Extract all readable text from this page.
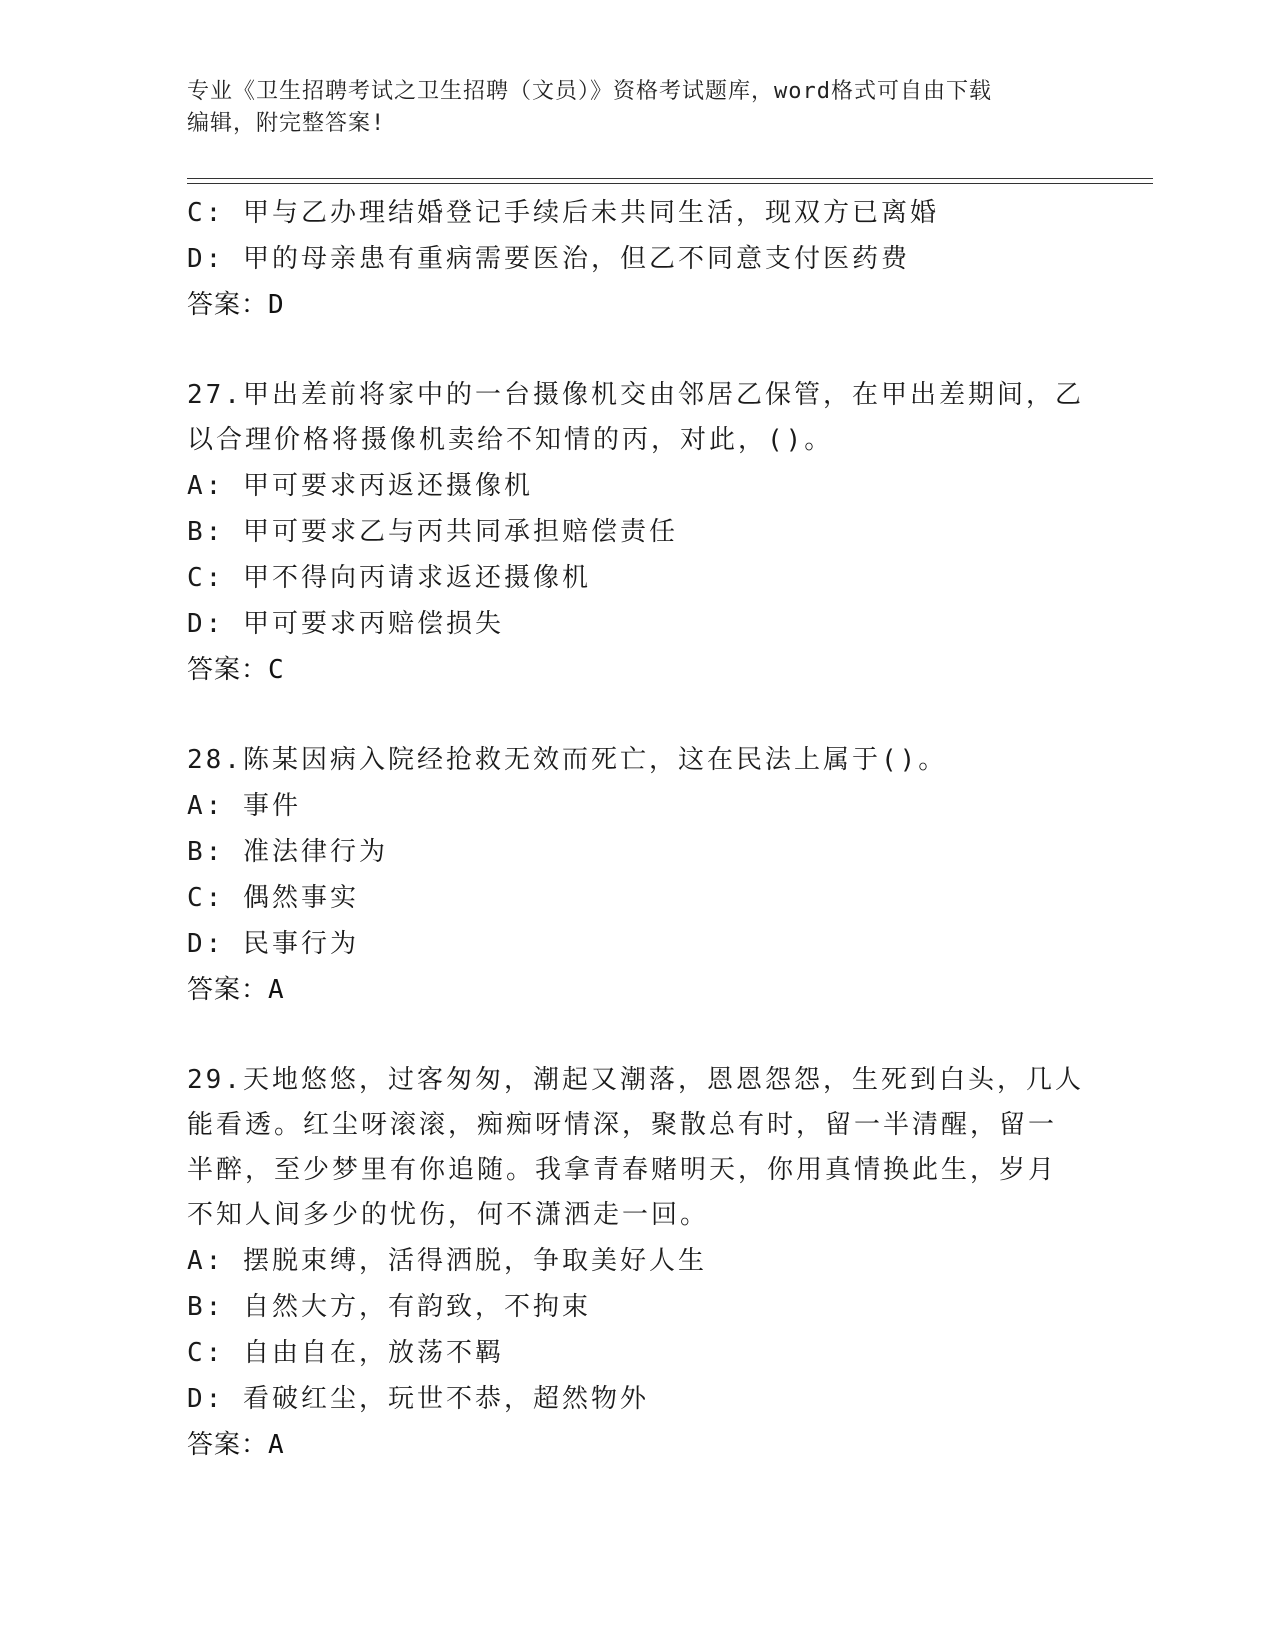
专业《卫生招聘考试之卫生招聘（文员）》资格考试题库，word格式可自由下载
编辑，附完整答案!
C: 甲与乙办理结婚登记手续后未共同生活，现双方已离婚
D: 甲的母亲患有重病需要医治，但乙不同意支付医药费
答案：D
27.甲出差前将家中的一台摄像机交由邻居乙保管，在甲出差期间，乙
以合理价格将摄像机卖给不知情的丙，对此，()。
A: 甲可要求丙返还摄像机
B: 甲可要求乙与丙共同承担赔偿责任
C: 甲不得向丙请求返还摄像机
D: 甲可要求丙赔偿损失
答案：C
28.陈某因病入院经抢救无效而死亡，这在民法上属于()。
A: 事件
B: 准法律行为
C: 偶然事实
D: 民事行为
答案：A
29.天地悠悠，过客匆匆，潮起又潮落，恩恩怨怨，生死到白头，几人
能看透。红尘呀滚滚，痴痴呀情深，聚散总有时，留一半清醒，留一
半醉，至少梦里有你追随。我拿青春赌明天，你用真情换此生，岁月
不知人间多少的忧伤，何不潇洒走一回。
A: 摆脱束缚，活得洒脱，争取美好人生
B: 自然大方，有韵致，不拘束
C: 自由自在，放荡不羁
D: 看破红尘，玩世不恭，超然物外
答案：A
